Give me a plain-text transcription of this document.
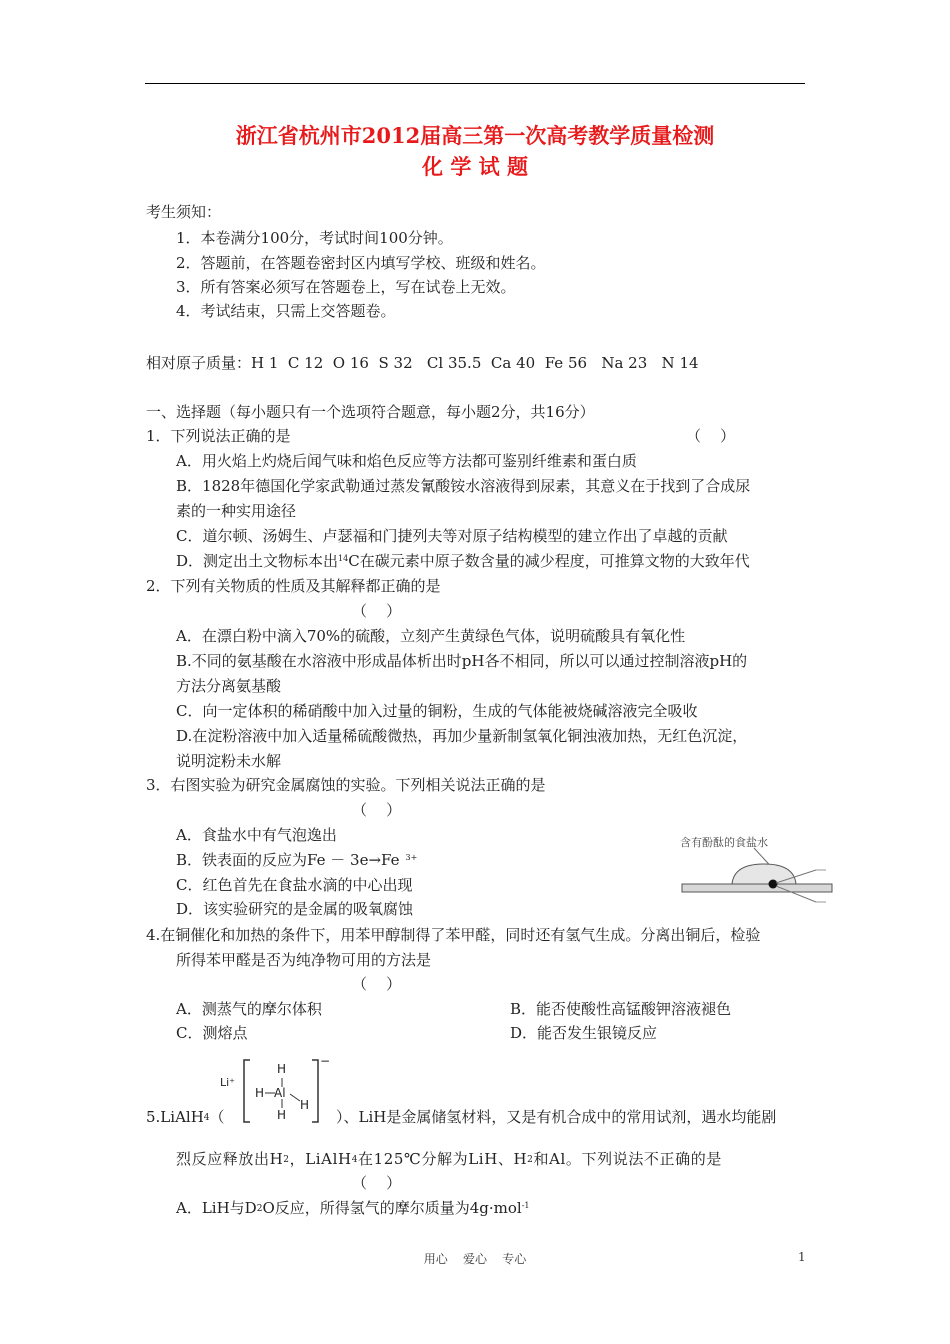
浙江省杭州市2012届高三第一次高考教学质量检测
化 学 试 题
考生须知：
1．本卷满分100分，考试时间100分钟。
2．答题前，在答题卷密封区内填写学校、班级和姓名。
3．所有答案必须写在答题卷上，写在试卷上无效。
4．考试结束，只需上交答题卷。
相对原子质量：H 1  C 12  O 16  S 32   Cl 35.5  Ca 40  Fe 56   Na 23   N 14
一、选择题（每小题只有一个选项符合题意，每小题2分，共16分）
1．下列说法正确的是	（    ）
A．用火焰上灼烧后闻气味和焰色反应等方法都可鉴别纤维素和蛋白质
B．1828年德国化学家武勒通过蒸发氰酸铵水溶液得到尿素，其意义在于找到了合成尿
素的一种实用途径
C．道尔顿、汤姆生、卢瑟福和门捷列夫等对原子结构模型的建立作出了卓越的贡献
D．测定出土文物标本出$^{14}$C在碳元素中原子数含量的减少程度，可推算文物的大致年代
2．下列有关物质的性质及其解释都正确的是
（    ）
A．在漂白粉中滴入70%的硫酸，立刻产生黄绿色气体，说明硫酸具有氧化性
B.不同的氨基酸在水溶液中形成晶体析出时pH各不相同，所以可以通过控制溶液pH的
方法分离氨基酸
C．向一定体积的稀硝酸中加入过量的铜粉，生成的气体能被烧碱溶液完全吸收
D.在淀粉溶液中加入适量稀硫酸微热，再加少量新制氢氧化铜浊液加热，无红色沉淀，
说明淀粉未水解
3．右图实验为研究金属腐蚀的实验。下列相关说法正确的是
（    ）
A．食盐水中有气泡逸出
B．铁表面的反应为Fe － 3e→Fe $^{3+}$
C．红色首先在食盐水滴的中心出现
D．该实验研究的是金属的吸氧腐蚀
含有酚酞的食盐水
4.在铜催化和加热的条件下，用苯甲醇制得了苯甲醛，同时还有氢气生成。分离出铜后，检验
所得苯甲醛是否为纯净物可用的方法是
（    ）
A．测蒸气的摩尔体积	B．能否使酸性高锰酸钾溶液褪色
C．测熔点	D．能否发生银镜反应
Li⁺
H
Al
H
H
H
−
5.LiAlH$_4$（	）、LiH是金属储氢材料，又是有机合成中的常用试剂，遇水均能剧
烈反应释放出$H_2$，LiAlH$_4$在125℃分解为LiH、$H_2$和Al。下列说法不正确的是
（    ）
A．LiH与$D_2O$反应，所得氢气的摩尔质量为4g·mol$^{-1}$
用心    爱心    专心	1
